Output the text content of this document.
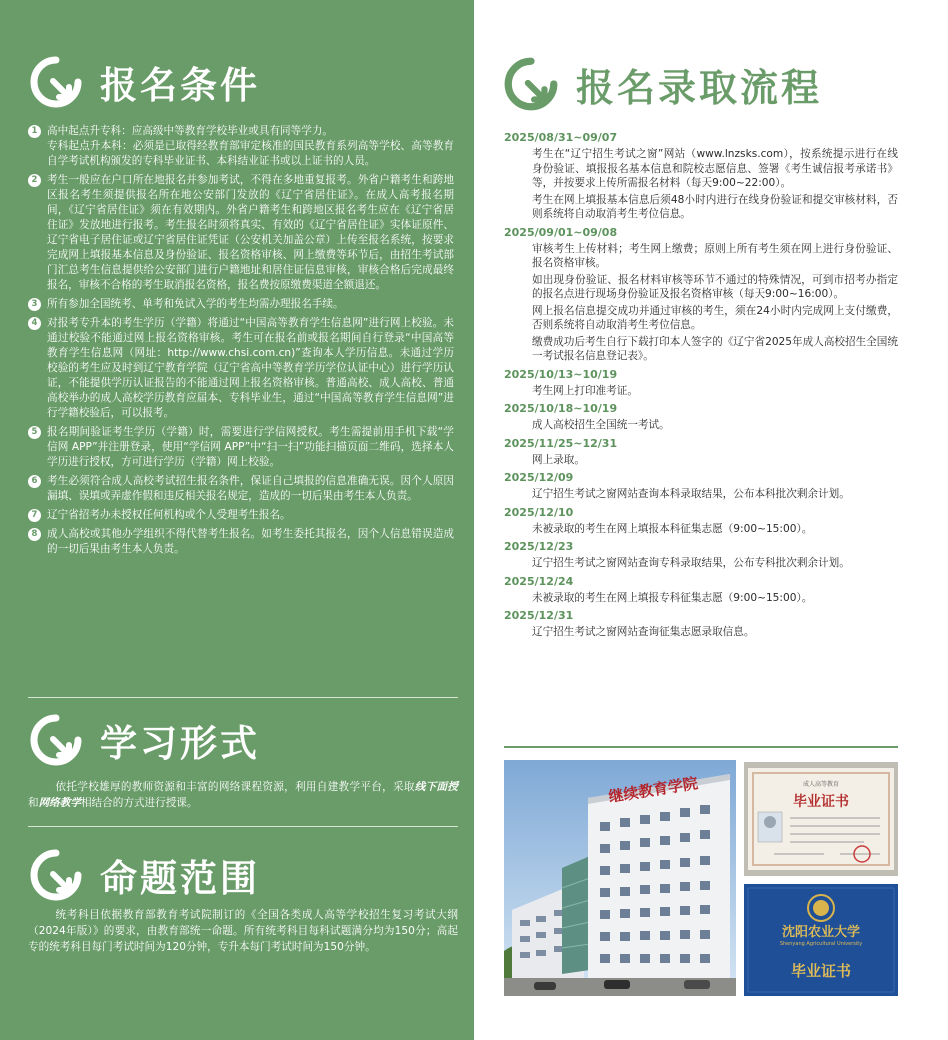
报名条件
1 高中起点升专科：应高级中等教育学校毕业或具有同等学力。

专科起点升本科：必须是已取得经教育部审定核准的国民教育系列高等学校、高等教育自学考试机构颁发的专科毕业证书、本科结业证书或以上证书的人员。

2 考生一般应在户口所在地报名并参加考试，不得在多地重复报考。外省户籍考生和跨地区报名考生须提供报名所在地公安部门发放的《辽宁省居住证》。在成人高考报名期间，《辽宁省居住证》须在有效期内。外省户籍考生和跨地区报名考生应在《辽宁省居住证》发放地进行报考。考生报名时须将真实、有效的《辽宁省居住证》实体证原件、辽宁省电子居住证或辽宁省居住证凭证（公安机关加盖公章）上传至报名系统，按要求完成网上填报基本信息及身份验证、报名资格审核、网上缴费等环节后，由招生考试部门汇总考生信息提供给公安部门进行户籍地址和居住证信息审核，审核合格后完成最终报名，审核不合格的考生取消报名资格，报名费按原缴费渠道全额退还。

3 所有参加全国统考、单考和免试入学的考生均需办理报名手续。

4 对报考专升本的考生学历（学籍）将通过“中国高等教育学生信息网”进行网上校验。未通过校验不能通过网上报名资格审核。考生可在报名前或报名期间自行登录“中国高等教育学生信息网（网址：http://www.chsi.com.cn)”查询本人学历信息。未通过学历校验的考生应及时到辽宁教育学院（辽宁省高中等教育学历学位认证中心）进行学历认证，不能提供学历认证报告的不能通过网上报名资格审核。普通高校、成人高校、普通高校举办的成人高校学历教育应届本、专科毕业生，通过“中国高等教育学生信息网”进行学籍校验后，可以报考。

5 报名期间验证考生学历（学籍）时，需要进行学信网授权。考生需提前用手机下载“学信网 APP”并注册登录，使用“学信网 APP”中“扫一扫”功能扫描页面二维码，选择本人学历进行授权，方可进行学历（学籍）网上校验。

6 考生必须符合成人高校考试招生报名条件，保证自己填报的信息准确无误。因个人原因漏填、误填或弄虚作假和违反相关报名规定，造成的一切后果由考生本人负责。

7 辽宁省招考办未授权任何机构或个人受理考生报名。

8 成人高校或其他办学组织不得代替考生报名。如考生委托其报名，因个人信息错误造成的一切后果由考生本人负责。

学习形式
依托学校雄厚的教师资源和丰富的网络课程资源，利用自建教学平台，采取线下面授和网络教学相结合的方式进行授课。
命题范围
统考科目依据教育部教育考试院制订的《全国各类成人高等学校招生复习考试大纲（2024年版）》的要求，由教育部统一命题。所有统考科目每科试题满分均为150分；高起专的统考科目每门考试时间为120分钟，专升本每门考试时间为150分钟。
报名录取流程
2025/08/31~09/07
考生在“辽宁招生考试之窗”网站（www.lnzsks.com），按系统提示进行在线身份验证、填报报名基本信息和院校志愿信息、签署《考生诚信报考承诺书》等，并按要求上传所需报名材料（每天9:00~22:00）。
考生在网上填报基本信息后须48小时内进行在线身份验证和提交审核材料，否则系统将自动取消考生考位信息。
2025/09/01~09/08
审核考生上传材料；考生网上缴费；原则上所有考生须在网上进行身份验证、报名资格审核。
如出现身份验证、报名材料审核等环节不通过的特殊情况，可到市招考办指定的报名点进行现场身份验证及报名资格审核（每天9:00~16:00）。
网上报名信息提交成功并通过审核的考生，须在24小时内完成网上支付缴费，否则系统将自动取消考生考位信息。
缴费成功后考生自行下载打印本人签字的《辽宁省2025年成人高校招生全国统一考试报名信息登记表》。
2025/10/13~10/19
考生网上打印准考证。
2025/10/18~10/19
成人高校招生全国统一考试。
2025/11/25~12/31
网上录取。
2025/12/09
辽宁招生考试之窗网站查询本科录取结果，公布本科批次剩余计划。
2025/12/10
未被录取的考生在网上填报本科征集志愿（9:00~15:00）。
2025/12/23
辽宁招生考试之窗网站查询专科录取结果，公布专科批次剩余计划。
2025/12/24
未被录取的考生在网上填报专科征集志愿（9:00~15:00）。
2025/12/31
辽宁招生考试之窗网站查询征集志愿录取信息。
继续教育学院	成人高等教育
毕业证书
沈阳农业大学
Shenyang Agricultural University
毕业证书
